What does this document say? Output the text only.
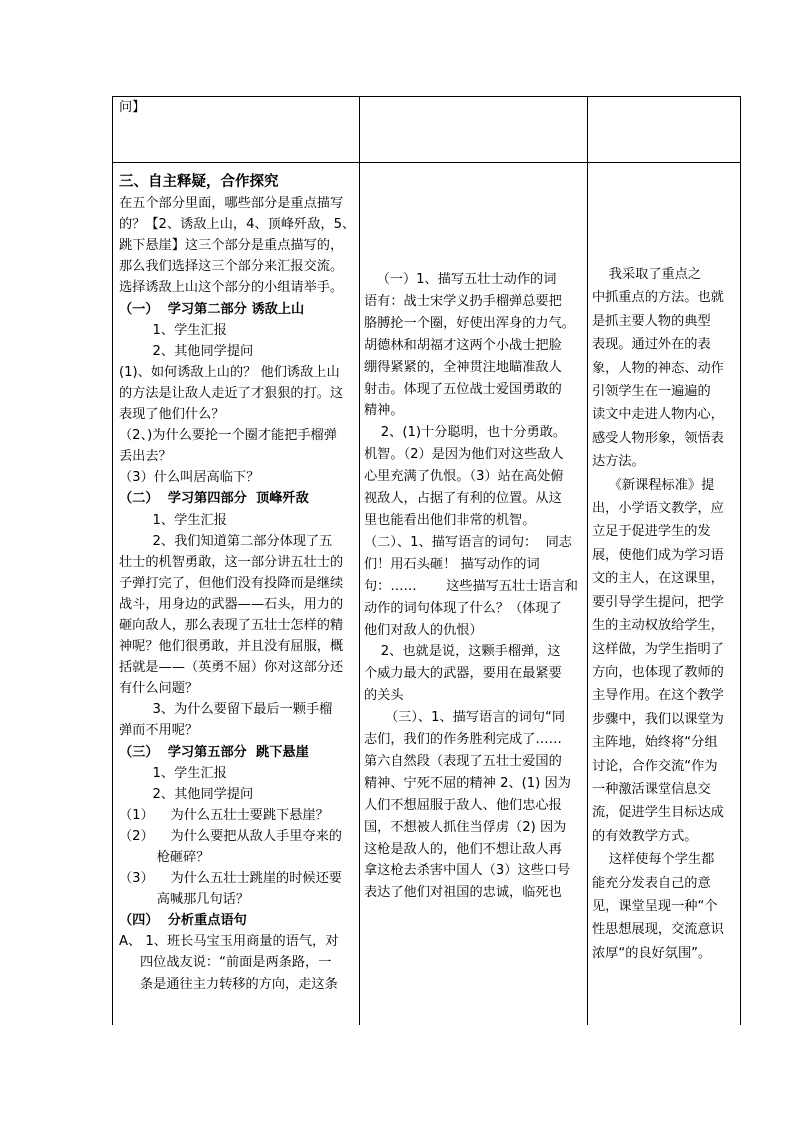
问】

三、自主释疑，合作探究

在五个部分里面，哪些部分是重点描写

的？【2、诱敌上山，4、顶峰歼敌，5、

跳下悬崖】这三个部分是重点描写的，

那么我们选择这三个部分来汇报交流。

选择诱敌上山这个部分的小组请举手。

（一）  学习第二部分 诱敌上山

1、学生汇报

2、其他同学提问

(1)、如何诱敌上山的？ 他们诱敌上山

的方法是让敌人走近了才狠狠的打。这

表现了他们什么？

（2、)为什么要抡一个圈才能把手榴弹

丢出去？

（3）什么叫居高临下？

（二）  学习第四部分  顶峰歼敌

1、学生汇报

2、我们知道第二部分体现了五

壮士的机智勇敢，这一部分讲五壮士的

子弹打完了，但他们没有投降而是继续

战斗，用身边的武器——石头，用力的

砸向敌人，那么表现了五壮士怎样的精

神呢？他们很勇敢，并且没有屈服，概

括就是——（英勇不屈）你对这部分还

有什么问题？

3、为什么要留下最后一颗手榴

弹而不用呢？

（三）  学习第五部分  跳下悬崖

1、学生汇报

2、其他同学提问

（1）    为什么五壮士要跳下悬崖？

（2）    为什么要把从敌人手里夺来的

枪砸碎？

（3）    为什么五壮士跳崖的时候还要

高喊那几句话？

（四）  分析重点语句

A、 1、班长马宝玉用商量的语气，对

四位战友说：“前面是两条路，一

条是通往主力转移的方向，走这条

（一）1、描写五壮士动作的词

语有：战士宋学义扔手榴弹总要把

胳膊抡一个圈，好使出浑身的力气。

胡德林和胡福才这两个小战士把脸

绷得紧紧的，全神贯注地瞄准敌人

射击。体现了五位战士爱国勇敢的

精神。

2、(1)十分聪明，也十分勇敢。

机智。（2）是因为他们对这些敌人

心里充满了仇恨。（3）站在高处俯

视敌人，占据了有利的位置。从这

里也能看出他们非常的机智。

（二）、1、描写语言的词句：  同志

们！用石头砸！ 描写动作的词

句：……       这些描写五壮士语言和

动作的词句体现了什么？（体现了

他们对敌人的仇恨）

2、也就是说，这颗手榴弹，这

个威力最大的武器，要用在最紧要

的关头

（三）、1、描写语言的词句“同

志们，我们的作务胜利完成了……

第六自然段（表现了五壮士爱国的

精神、宁死不屈的精神 2、(1) 因为

人们不想屈服于敌人、他们忠心报

国，不想被人抓住当俘虏（2) 因为

这枪是敌人的，他们不想让敌人再

拿这枪去杀害中国人（3）这些口号

表达了他们对祖国的忠诚，临死也

我采取了重点之

中抓重点的方法。也就

是抓主要人物的典型

表现。通过外在的表

象，人物的神态、动作

引领学生在一遍遍的

读文中走进人物内心，

感受人物形象，领悟表

达方法。

《新课程标准》提

出，小学语文教学，应

立足于促进学生的发

展，使他们成为学习语

文的主人，在这课里，

要引导学生提问，把学

生的主动权放给学生，

这样做，为学生指明了

方向，也体现了教师的

主导作用。在这个教学

步骤中，我们以课堂为

主阵地，始终将“分组

讨论，合作交流“作为

一种激活课堂信息交

流，促进学生目标达成

的有效教学方式。

这样使每个学生都

能充分发表自己的意

见，课堂呈现一种“个

性思想展现，交流意识

浓厚“的良好氛围”。
